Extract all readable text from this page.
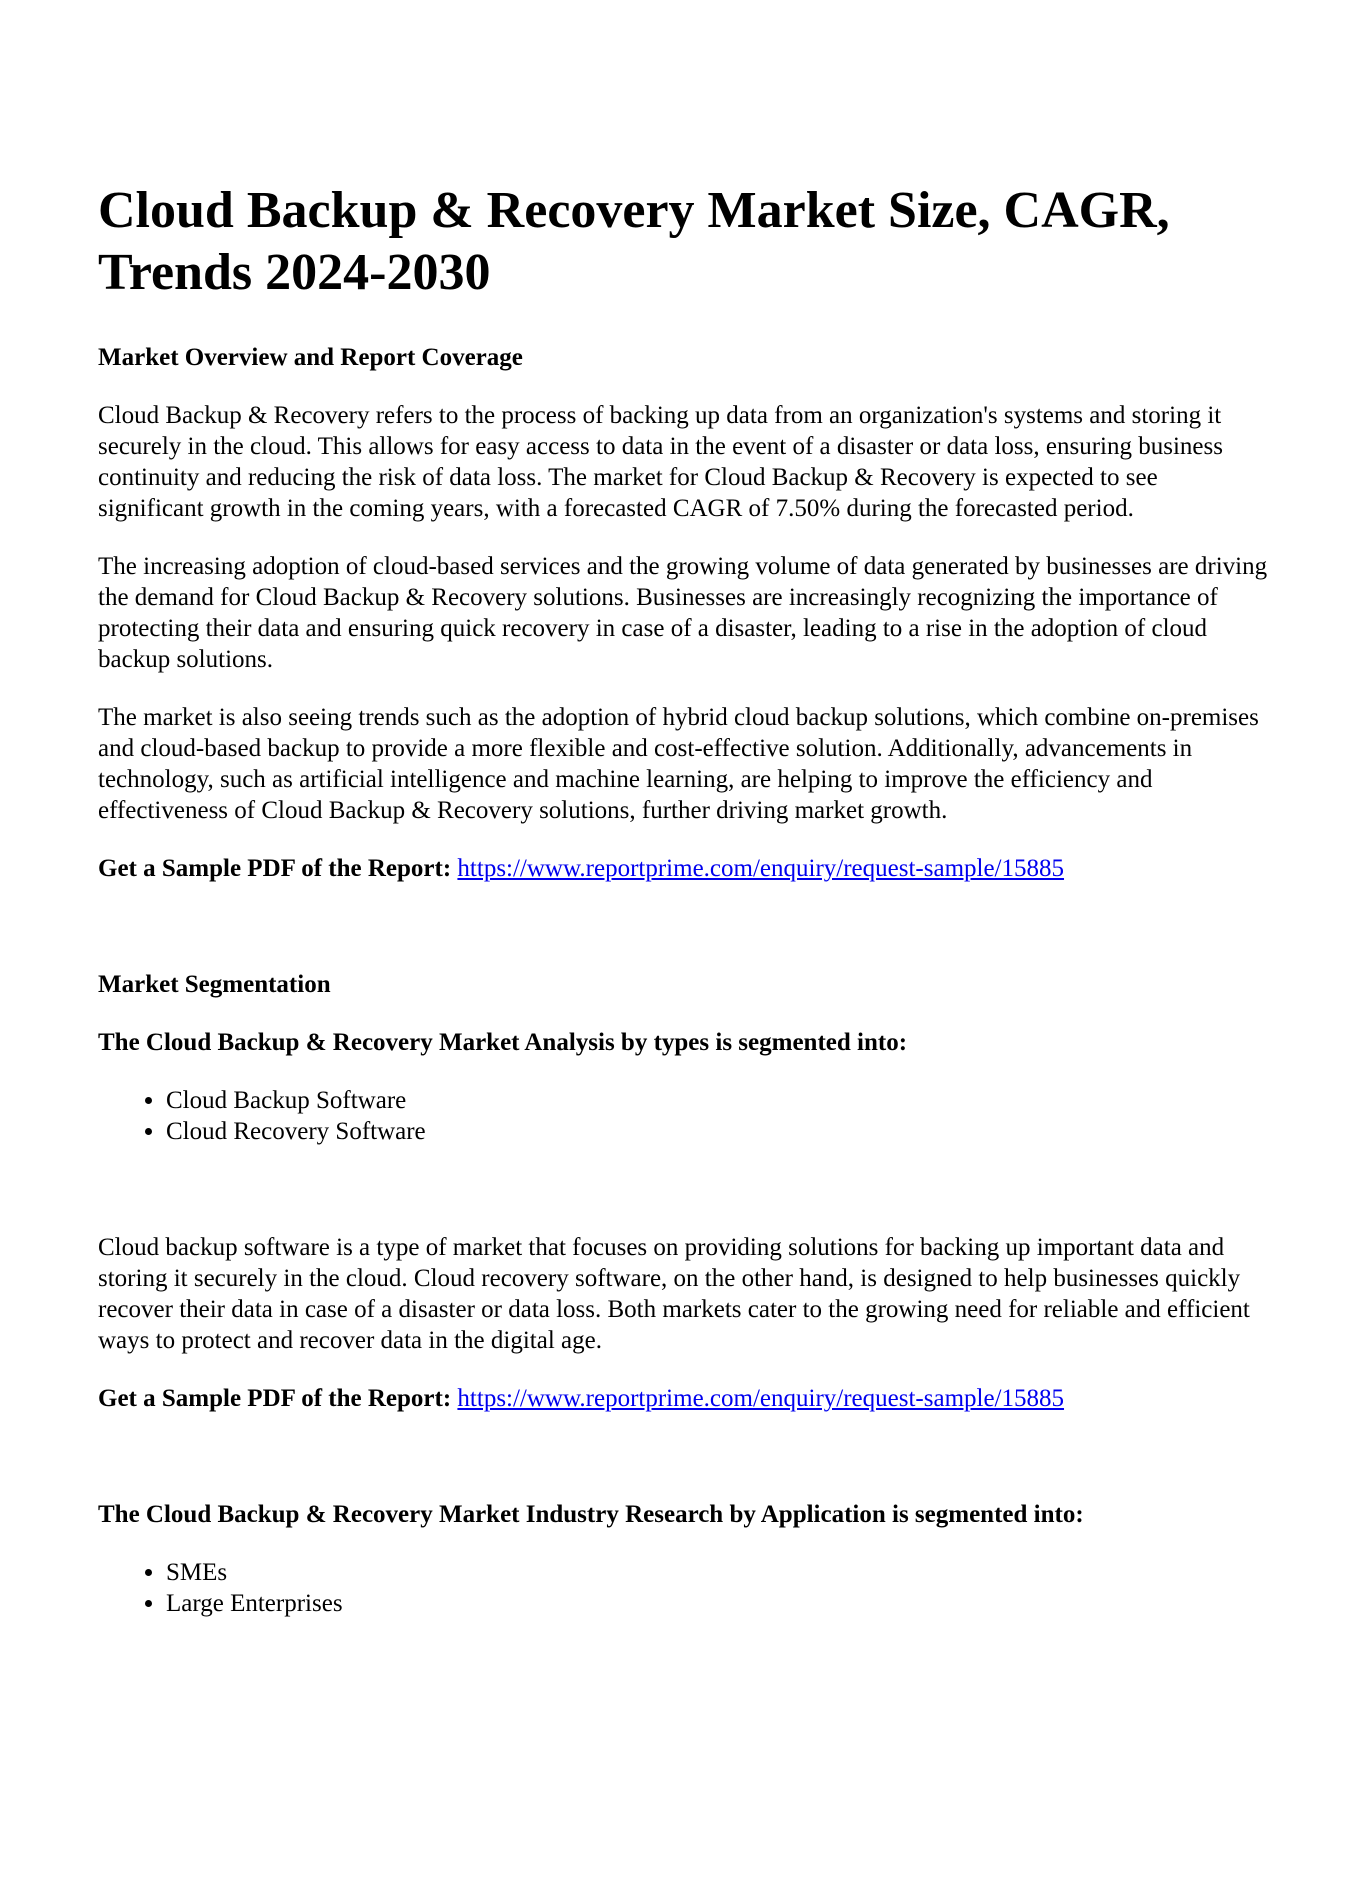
Cloud Backup & Recovery Market Size, CAGR, Trends 2024-2030
Market Overview and Report Coverage

Cloud Backup & Recovery refers to the process of backing up data from an organization's systems and storing it securely in the cloud. This allows for easy access to data in the event of a disaster or data loss, ensuring business continuity and reducing the risk of data loss. The market for Cloud Backup & Recovery is expected to see significant growth in the coming years, with a forecasted CAGR of 7.50% during the forecasted period.

The increasing adoption of cloud-based services and the growing volume of data generated by businesses are driving the demand for Cloud Backup & Recovery solutions. Businesses are increasingly recognizing the importance of protecting their data and ensuring quick recovery in case of a disaster, leading to a rise in the adoption of cloud backup solutions.

The market is also seeing trends such as the adoption of hybrid cloud backup solutions, which combine on-premises and cloud-based backup to provide a more flexible and cost-effective solution. Additionally, advancements in technology, such as artificial intelligence and machine learning, are helping to improve the efficiency and effectiveness of Cloud Backup & Recovery solutions, further driving market growth.

Get a Sample PDF of the Report: https://www.reportprime.com/enquiry/request-sample/15885
Market Segmentation
The Cloud Backup & Recovery Market Analysis by types is segmented into:
• Cloud Backup Software
• Cloud Recovery Software

Cloud backup software is a type of market that focuses on providing solutions for backing up important data and storing it securely in the cloud. Cloud recovery software, on the other hand, is designed to help businesses quickly recover their data in case of a disaster or data loss. Both markets cater to the growing need for reliable and efficient ways to protect and recover data in the digital age.

Get a Sample PDF of the Report: https://www.reportprime.com/enquiry/request-sample/15885
The Cloud Backup & Recovery Market Industry Research by Application is segmented into:
• SMEs
• Large Enterprises
